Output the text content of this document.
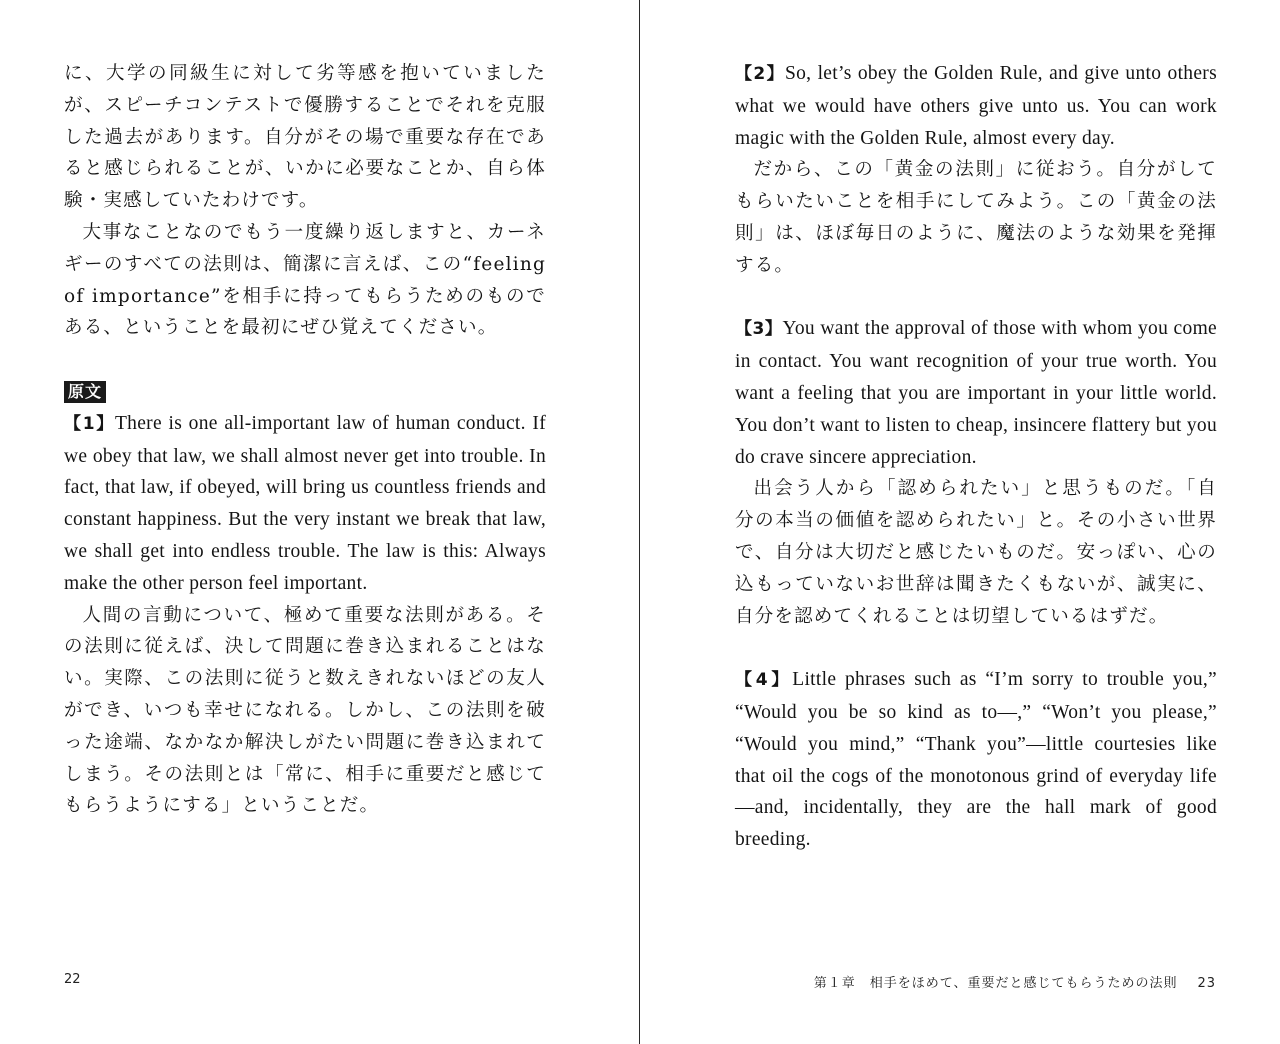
に、大学の同級生に対して劣等感を抱いていましたが、スピーチコンテストで優勝することでそれを克服した過去があります。自分がその場で重要な存在であると感じられることが、いかに必要なことか、自ら体験・実感していたわけです。

大事なことなのでもう一度繰り返しますと、カーネギーのすべての法則は、簡潔に言えば、この“feeling of importance”を相手に持ってもらうためのものである、ということを最初にぜひ覚えてください。

原文

【1】There is one all-important law of human conduct. If we obey that law, we shall almost never get into trouble. In fact, that law, if obeyed, will bring us countless friends and constant happiness. But the very instant we break that law, we shall get into endless trouble. The law is this: Always make the other person feel important.

人間の言動について、極めて重要な法則がある。その法則に従えば、決して問題に巻き込まれることはない。実際、この法則に従うと数えきれないほどの友人ができ、いつも幸せになれる。しかし、この法則を破った途端、なかなか解決しがたい問題に巻き込まれてしまう。その法則とは「常に、相手に重要だと感じてもらうようにする」ということだ。

22

【2】So, let’s obey the Golden Rule, and give unto others what we would have others give unto us. You can work magic with the Golden Rule, almost every day.

だから、この「黄金の法則」に従おう。自分がしてもらいたいことを相手にしてみよう。この「黄金の法則」は、ほぼ毎日のように、魔法のような効果を発揮する。

【3】You want the approval of those with whom you come in contact. You want recognition of your true worth. You want a feeling that you are important in your little world. You don’t want to listen to cheap, insincere flattery but you do crave sincere appreciation.

出会う人から「認められたい」と思うものだ。「自分の本当の価値を認められたい」と。その小さい世界で、自分は大切だと感じたいものだ。安っぽい、心の込もっていないお世辞は聞きたくもないが、誠実に、自分を認めてくれることは切望しているはずだ。

【4】Little phrases such as “I’m sorry to trouble you,” “Would you be so kind as to—,” “Won’t you please,” “Would you mind,” “Thank you”—little courtesies like that oil the cogs of the monotonous grind of everyday life—and, incidentally, they are the hall mark of good breeding.

第１章　相手をほめて、重要だと感じてもらうための法則 23
